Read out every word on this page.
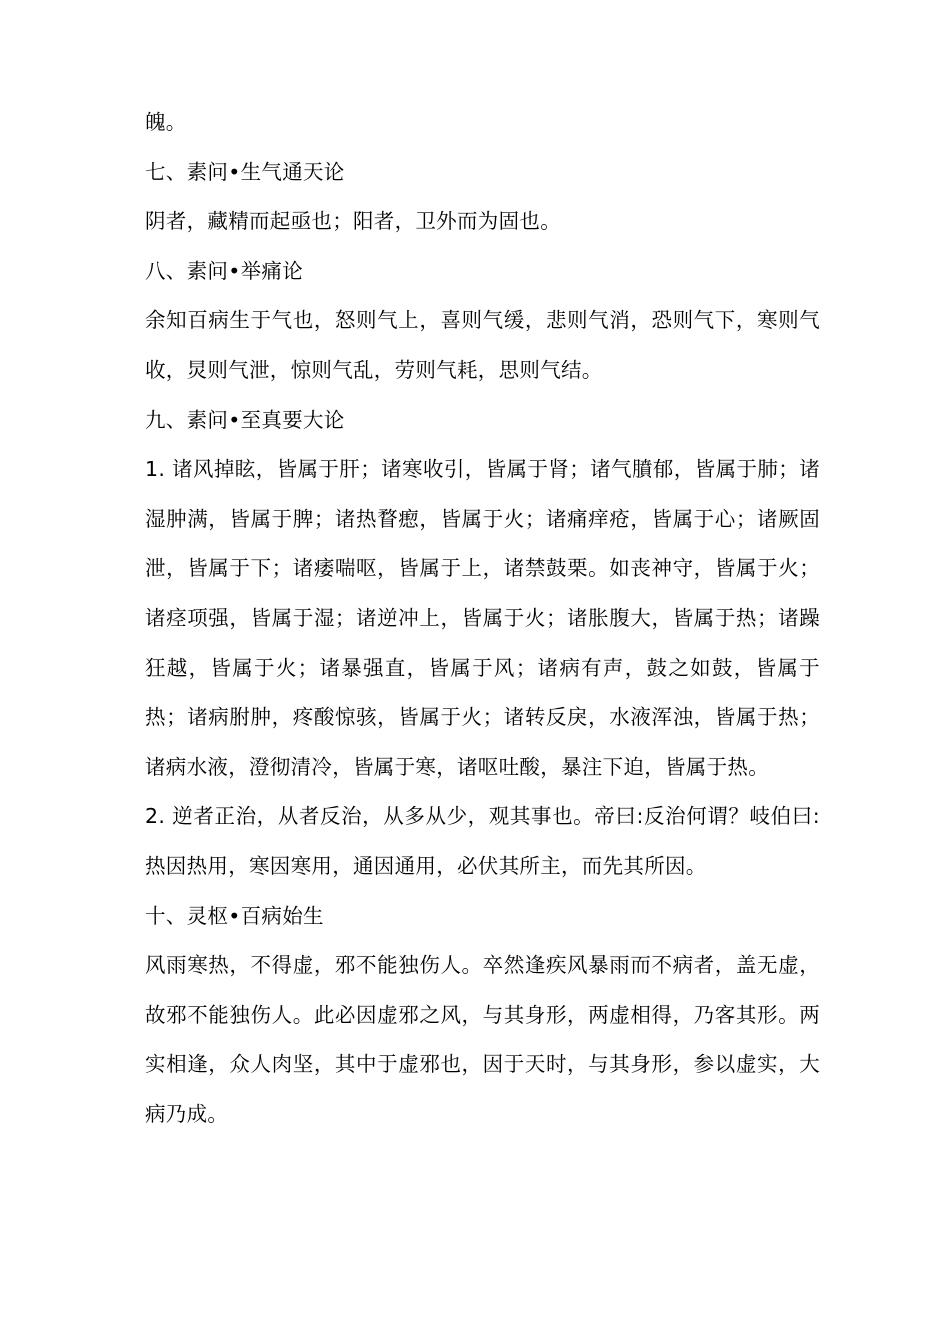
魄。

七、素问•生气通天论

阴者，藏精而起亟也；阳者，卫外而为固也。

八、素问•举痛论

余知百病生于气也，怒则气上，喜则气缓，悲则气消，恐则气下，寒则气收，炅则气泄，惊则气乱，劳则气耗，思则气结。

九、素问•至真要大论

1. 诸风掉眩，皆属于肝；诸寒收引，皆属于肾；诸气膹郁，皆属于肺；诸湿肿满，皆属于脾；诸热瞀瘛，皆属于火；诸痛痒疮，皆属于心；诸厥固泄，皆属于下；诸痿喘呕，皆属于上，诸禁鼓栗。如丧神守，皆属于火；诸痉项强，皆属于湿；诸逆冲上，皆属于火；诸胀腹大，皆属于热；诸躁狂越，皆属于火；诸暴强直，皆属于风；诸病有声，鼓之如鼓，皆属于热；诸病胕肿，疼酸惊骇，皆属于火；诸转反戾，水液浑浊，皆属于热；诸病水液，澄彻清冷，皆属于寒，诸呕吐酸，暴注下迫，皆属于热。

2. 逆者正治，从者反治，从多从少，观其事也。帝曰:反治何谓？岐伯曰:热因热用，寒因寒用，通因通用，必伏其所主，而先其所因。

十、灵枢•百病始生

风雨寒热，不得虚，邪不能独伤人。卒然逢疾风暴雨而不病者，盖无虚，故邪不能独伤人。此必因虚邪之风，与其身形，两虚相得，乃客其形。两实相逢，众人肉坚，其中于虚邪也，因于天时，与其身形，参以虚实，大病乃成。
